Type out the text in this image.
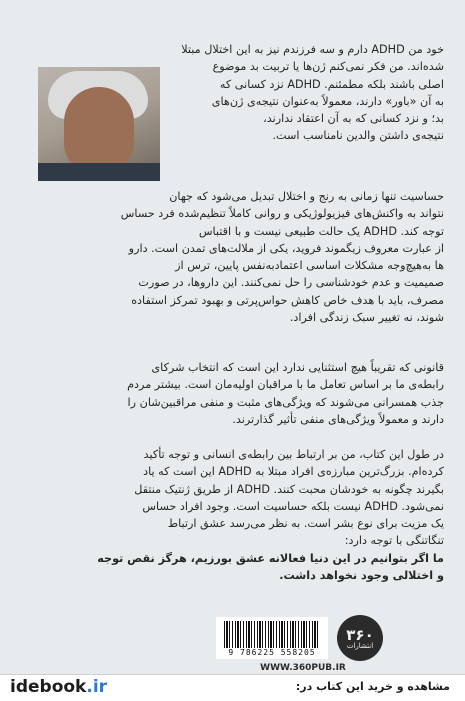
خود من ADHD دارم و سه فرزندم نیز به این اختلال مبتلا
شده‌اند. من فکر نمی‌کنم ژن‌ها یا تربیت بد موضوع
اصلی باشند بلکه مطمئنم. ADHD نزد کسانی که
به آن «باور» دارند، معمولاً به‌عنوان نتیجه‌ی ژن‌های
بد؛ و نزد کسانی که به آن اعتقاد ندارند،
نتیجه‌ی داشتن والدین نامناسب است.
حساسیت تنها زمانی به رنج و اختلال تبدیل می‌شود که جهان
نتواند به واکنش‌های فیزیولوژیکی و روانی کاملاً تنظیم‌شده فرد حساس
توجه کند. ADHD یک حالت طبیعی نیست و با اقتباس
از عبارت معروف زیگموند فروید، یکی از ملالت‌های تمدن است. دارو
ها به‌هیچ‌وجه مشکلات اساسی اعتمادبه‌نفس پایین، ترس از
صمیمیت و عدم خودشناسی را حل نمی‌کنند. این داروها، در صورت
مصرف، باید با هدف خاص کاهش حواس‌پرتی و بهبود تمرکز استفاده
شوند، نه تغییر سبک زندگی افراد.
قانونی که تقریباً هیچ استثنایی ندارد این است که انتخاب شرکای
رابطه‌ی ما بر اساس تعامل ما با مراقبان اولیه‌مان است. بیشتر مردم
جذب همسرانی می‌شوند که ویژگی‌های مثبت و منفی مراقبین‌شان را
دارند و معمولاً ویژگی‌های منفی تأثیر گذارترند.
در طول این کتاب، من بر ارتباط بین رابطه‌ی انسانی و توجه تأکید
کرده‌ام. بزرگ‌ترین مبارزه‌ی افراد مبتلا به ADHD این است که یاد
بگیرند چگونه به خودشان محبت کنند. ADHD از طریق ژنتیک منتقل
نمی‌شود. ADHD نیست بلکه حساسیت است. وجود افراد حساس
یک مزیت برای نوع بشر است. به نظر می‌رسد عشق ارتباط
تنگاتنگی با توجه دارد:
ما اگر بتوانیم در این دنیا فعالانه عشق بورزیم، هرگز نقص توجه
و اختلالی وجود نخواهد داشت.
۳۶۰
انتشارات
9 786225 558205
WWW.360PUB.IR
idebook.ir	مشاهده و خرید این کتاب در:
